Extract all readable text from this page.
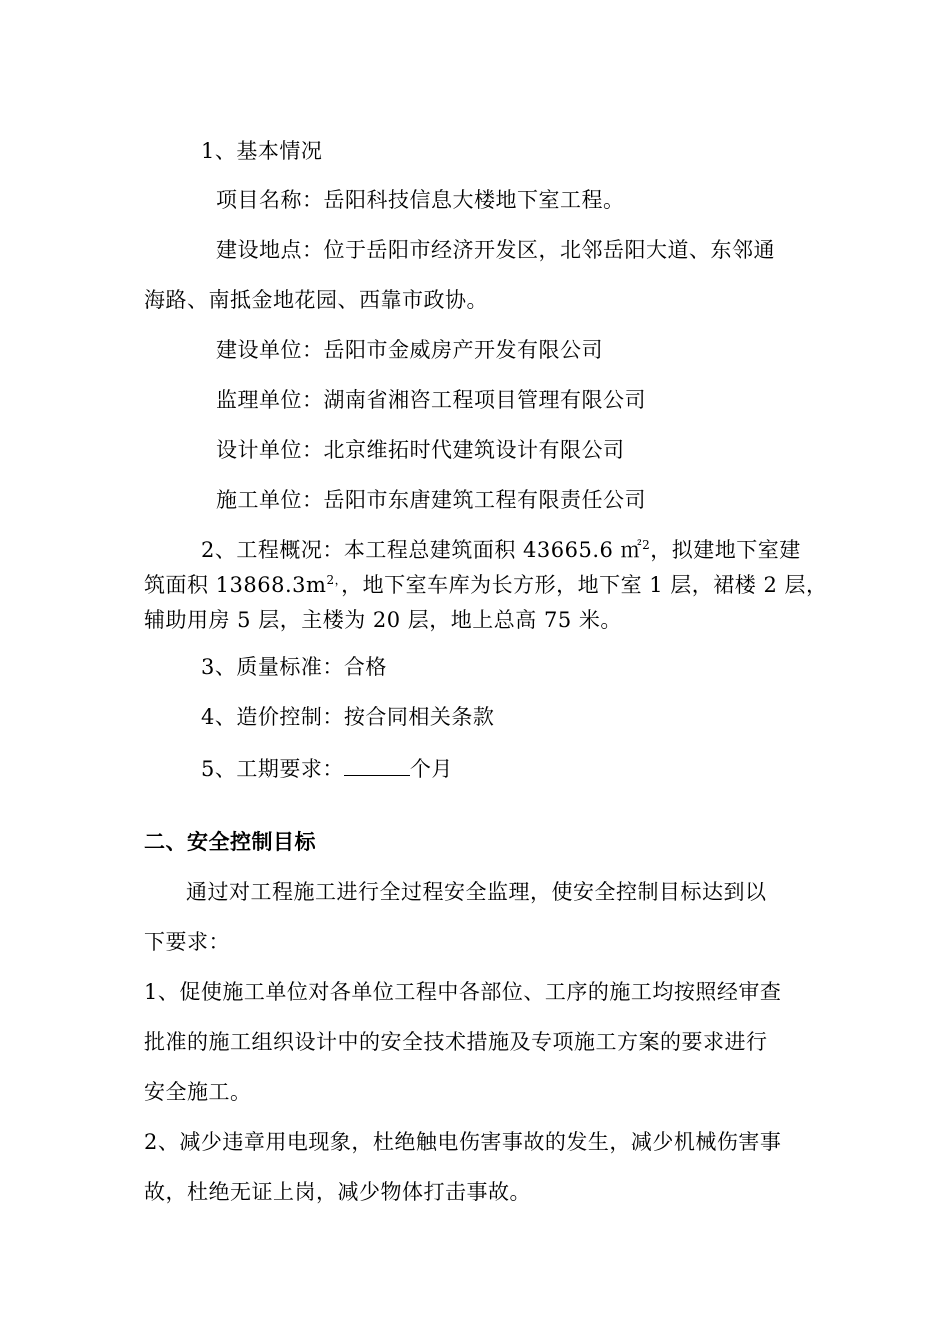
1、基本情况
项目名称：岳阳科技信息大楼地下室工程。
建设地点：位于岳阳市经济开发区，北邻岳阳大道、东邻通
海路、南抵金地花园、西靠市政协。
建设单位：岳阳市金威房产开发有限公司
监理单位：湖南省湘咨工程项目管理有限公司
设计单位：北京维拓时代建筑设计有限公司
施工单位：岳阳市东唐建筑工程有限责任公司
2、工程概况：本工程总建筑面积 43665.6 ㎡$^2$，拟建地下室建
筑面积 $13868.3m^{2,}$，地下室车库为长方形，地下室 1 层，裙楼 2 层，
辅助用房 5 层，主楼为 20 层，地上总高 75 米。
3、质量标准：合格
4、造价控制：按合同相关条款
5、工期要求：	个月
二、安全控制目标
通过对工程施工进行全过程安全监理，使安全控制目标达到以
下要求：
1、促使施工单位对各单位工程中各部位、工序的施工均按照经审查
批准的施工组织设计中的安全技术措施及专项施工方案的要求进行
安全施工。
2、减少违章用电现象，杜绝触电伤害事故的发生，减少机械伤害事
故，杜绝无证上岗，减少物体打击事故。
